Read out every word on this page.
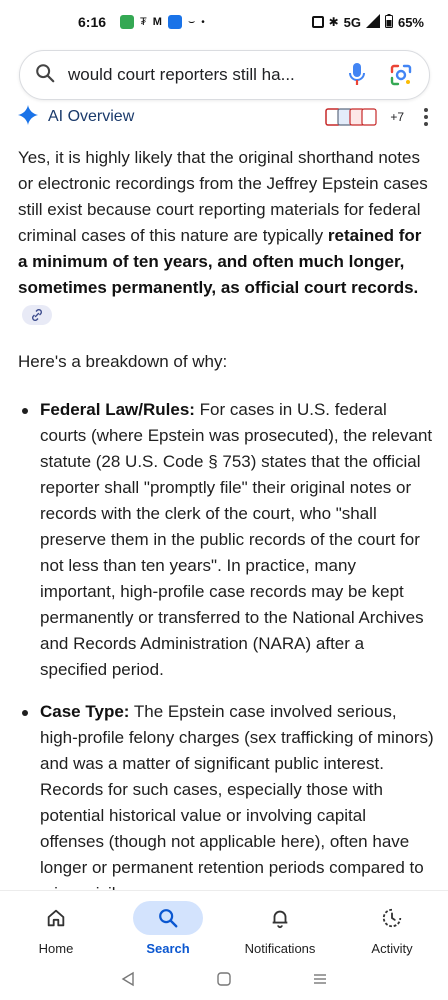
6:16	₮ M ⌣ •	✱ 5G	65%
would court reporters still ha...
AI Overview	+7

Yes, it is highly likely that the original shorthand notes or electronic recordings from the Jeffrey Epstein cases still exist because court reporting materials for federal criminal cases of this nature are typically retained for a minimum of ten years, and often much longer, sometimes permanently, as official court records.

Here's a breakdown of why:

Federal Law/Rules: For cases in U.S. federal courts (where Epstein was prosecuted), the relevant statute (28 U.S. Code § 753) states that the official reporter shall "promptly file" their original notes or records with the clerk of the court, who "shall preserve them in the public records of the court for not less than ten years". In practice, many important, high-profile case records may be kept permanently or transferred to the National Archives and Records Administration (NARA) after a specified period.
Case Type: The Epstein case involved serious, high-profile felony charges (sex trafficking of minors) and was a matter of significant public interest. Records for such cases, especially those with potential historical value or involving capital offenses (though not applicable here), often have longer or permanent retention periods compared to
Home	Search	Notifications	Activity
